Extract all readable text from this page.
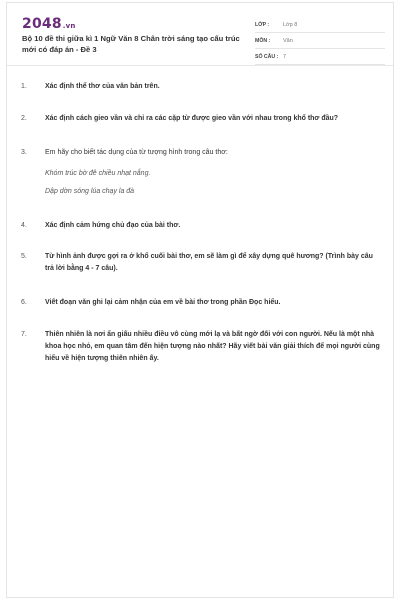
2048.vn
Bộ 10 đề thi giữa kì 1 Ngữ Văn 8 Chân trời sáng tạo cấu trúc mới có đáp án - Đề 3
LỚP :	Lớp 8
MÔN :	Văn
SỐ CÂU : 7
1.	Xác định thể thơ của văn bản trên.
2.	Xác định cách gieo vần và chỉ ra các cặp từ được gieo vần với nhau trong khổ thơ đầu?
3.	Em hãy cho biết tác dụng của từ tượng hình trong câu thơ:
Khóm trúc bờ đê chiều nhạt nắng.
Dập dờn sóng lúa chạy la đà
4.	Xác định cảm hứng chủ đạo của bài thơ.
5.	Từ hình ảnh được gợi ra ở khổ cuối bài thơ, em sẽ làm gì để xây dựng quê hương? (Trình bày câu trả lời bằng 4 - 7 câu).
6.	Viết đoạn văn ghi lại cảm nhận của em về bài thơ trong phần Đọc hiểu.
7.	Thiên nhiên là nơi ẩn giấu nhiều điều vô cùng mới lạ và bất ngờ đối với con người. Nếu là một nhà khoa học nhỏ, em quan tâm đến hiện tượng nào nhất? Hãy viết bài văn giải thích để mọi người cùng hiểu về hiện tượng thiên nhiên ấy.
